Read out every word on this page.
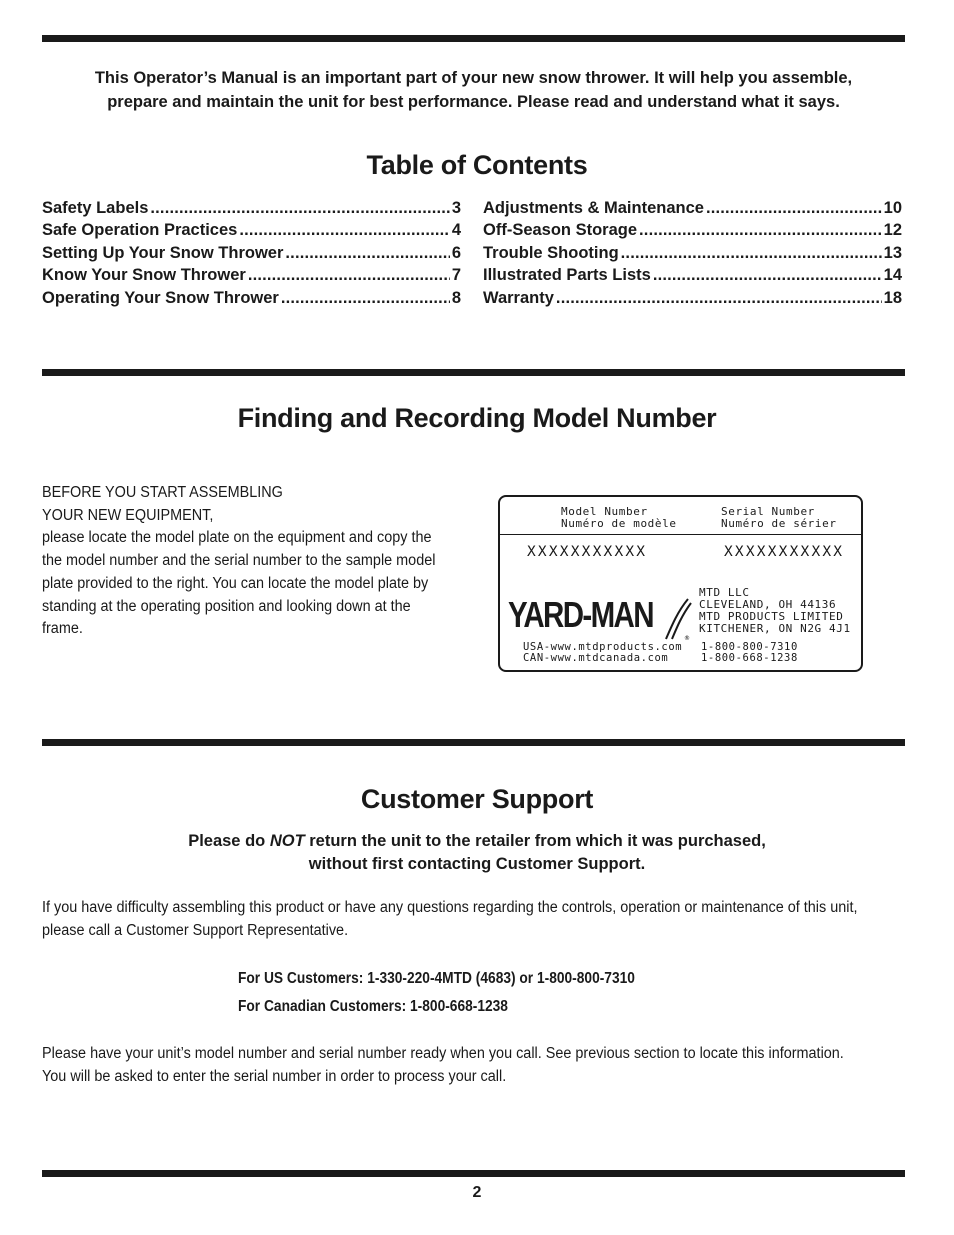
This Operator’s Manual is an important part of your new snow thrower. It will help you assemble,
prepare and maintain the unit for best performance. Please read and understand what it says.
Table of Contents
Safety Labels . . .	3
Safe Operation Practices . . .	4
Setting Up Your Snow Thrower . . .	6
Know Your Snow Thrower . . .	7
Operating Your Snow Thrower . . .	8
Adjustments & Maintenance . . .	10
Off-Season Storage . . .	12
Trouble Shooting . . .	13
Illustrated Parts Lists . . .	14
Warranty . . .	18
Finding and Recording Model Number
BEFORE YOU START ASSEMBLING
YOUR NEW EQUIPMENT,
please locate the model plate on the equipment and copy the
the model number and the serial number to the sample model
plate provided to the right. You can locate the model plate by
standing at the operating position and looking down at the
frame.
Model Number
Numéro de modèle
Serial Number
Numéro de sérier
XXXXXXXXXXX	XXXXXXXXXXX
YARD-MAN
®
MTD LLC
CLEVELAND, OH 44136
MTD PRODUCTS LIMITED
KITCHENER, ON N2G 4J1
USA-www.mtdproducts.com
CAN-www.mtdcanada.com
1-800-800-7310
1-800-668-1238
Customer Support
Please do NOT return the unit to the retailer from which it was purchased,
without first contacting Customer Support.
If you have difficulty assembling this product or have any questions regarding the controls, operation or maintenance of this unit,
please call a Customer Support Representative.
For US Customers: 1-330-220-4MTD (4683) or 1-800-800-7310
For Canadian Customers: 1-800-668-1238
Please have your unit’s model number and serial number ready when you call. See previous section to locate this information.
You will be asked to enter the serial number in order to process your call.
2
